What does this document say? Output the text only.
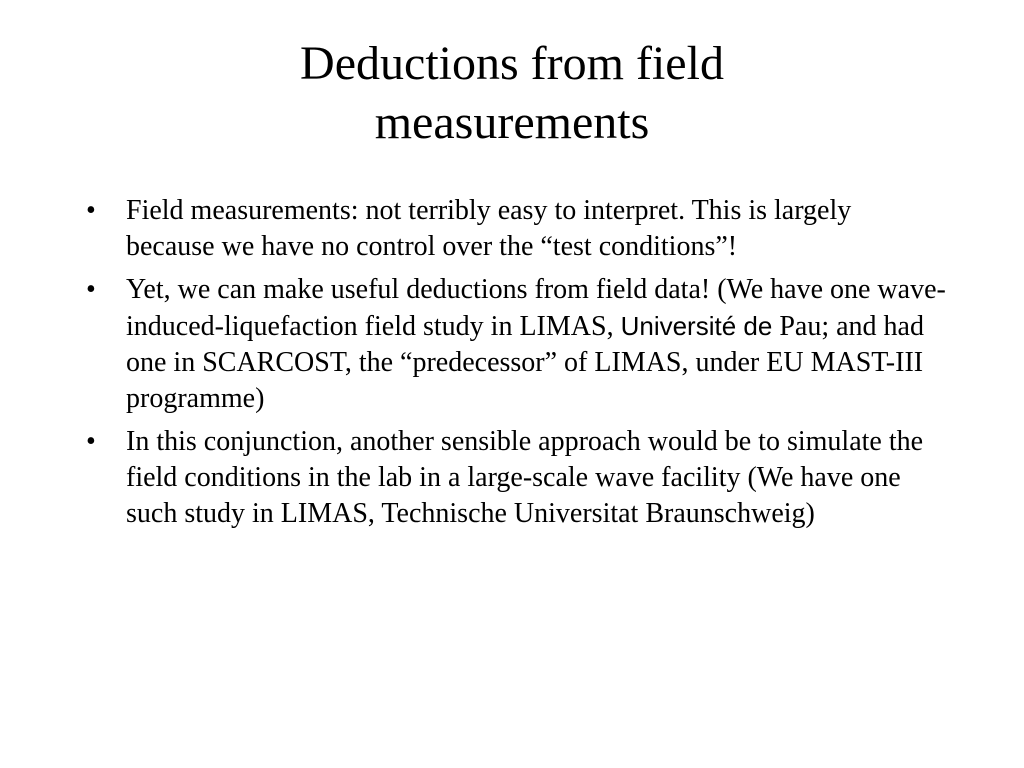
Deductions from field
measurements
• Field measurements: not terribly easy to interpret. This is largely because we have no control over the “test conditions”!
• Yet, we can make useful deductions from field data! (We have one wave-induced-liquefaction field study in LIMAS, Université de Pau; and had one in SCARCOST, the “predecessor” of LIMAS, under EU MAST-III programme)
• In this conjunction, another sensible approach would be to simulate the field conditions in the lab in a large-scale wave facility (We have one such study in LIMAS, Technische Universitat Braunschweig)
